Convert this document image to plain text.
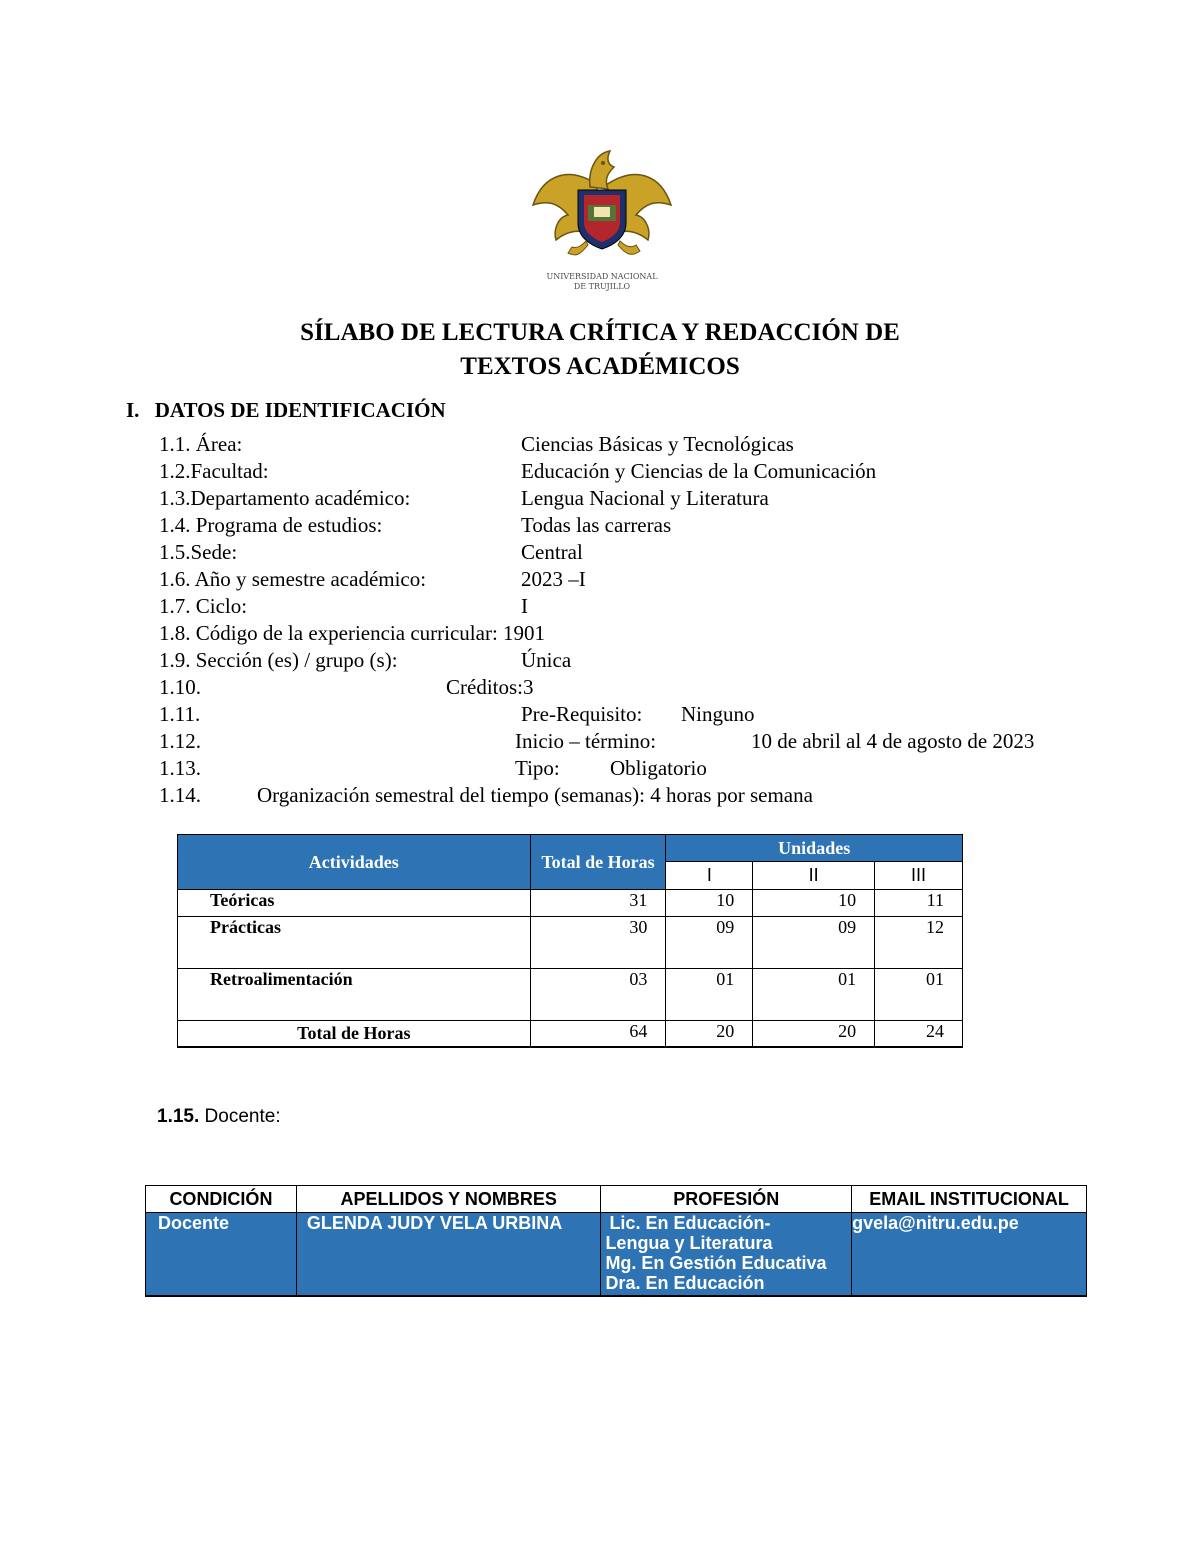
UNIVERSIDAD NACIONAL
DE TRUJILLO
SÍLABO DE LECTURA CRÍTICA Y REDACCIÓN DE
TEXTOS ACADÉMICOS
I. DATOS DE IDENTIFICACIÓN
1.1. Área:	Ciencias Básicas y Tecnológicas
1.2.Facultad:	Educación y Ciencias de la Comunicación
1.3.Departamento académico:	Lengua Nacional y Literatura
1.4. Programa de estudios:	Todas las carreras
1.5.Sede:	Central
1.6. Año y semestre académico:	2023 –I
1.7. Ciclo:	I
1.8. Código de la experiencia curricular: 1901
1.9. Sección (es) / grupo (s):	Única
1.10.	Créditos:3
1.11.	Pre-Requisito: Ninguno
1.12.	Inicio – término:	10 de abril al 4 de agosto de 2023
1.13.	Tipo: Obligatorio
1.14.	Organización semestral del tiempo (semanas): 4 horas por semana
Actividades	Total de Horas	Unidades		
		I	II	III
Teóricas	31	10	10	11
Prácticas	30	09	09	12
Retroalimentación	03	01	01	01
Total de Horas	64	20	20	24
1.15. Docente:
CONDICIÓN	APELLIDOS Y NOMBRES	PROFESIÓN	EMAIL INSTITUCIONAL
Docente	GLENDA JUDY VELA URBINA	Lic. En Educación-
Lengua y Literatura
Mg. En Gestión Educativa
Dra. En Educación	gvela@nitru.edu.pe
